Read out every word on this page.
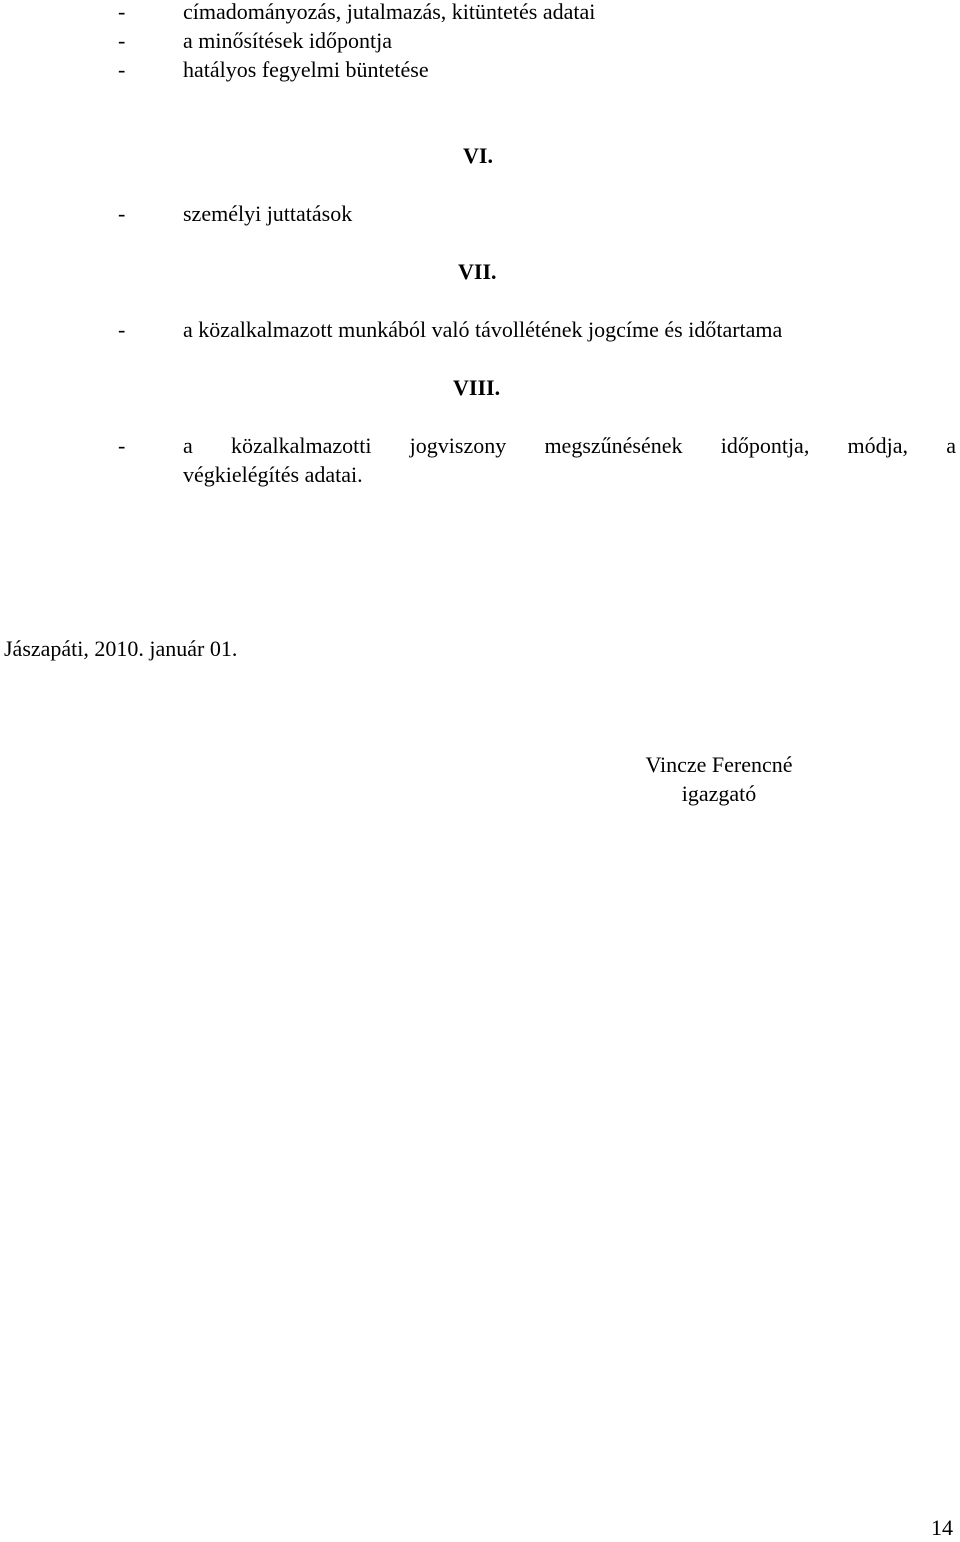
-	címadományozás, jutalmazás, kitüntetés adatai
-	a minősítések időpontja
-	hatályos fegyelmi büntetése
VI.
-	személyi juttatások
VII.
-	a közalkalmazott munkából való távollétének jogcíme és időtartama
VIII.
-	a közalkalmazotti jogviszony megszűnésének időpontja, módja, a
végkielégítés adatai.
Jászapáti, 2010. január 01.
Vincze Ferencné
igazgató
14
